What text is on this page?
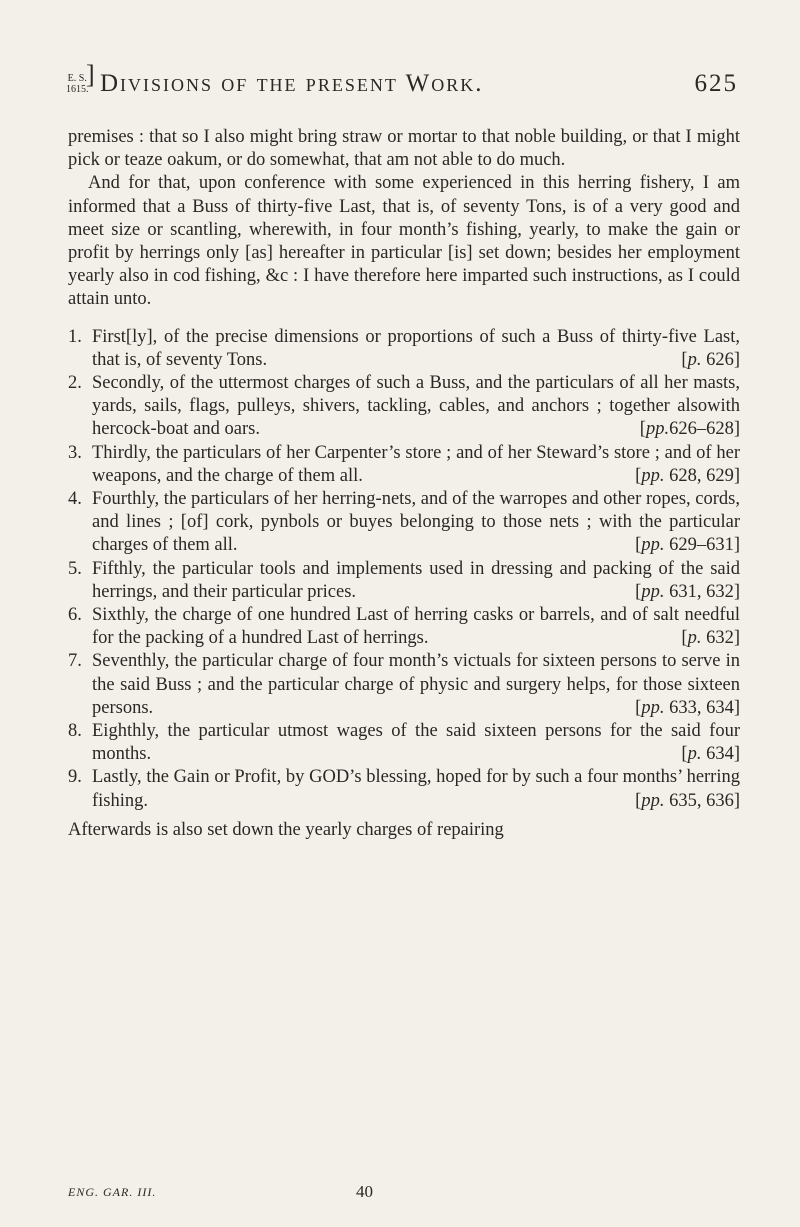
E. S.
1615.
] Divisions of the present Work.	625

premises : that so I also might bring straw or mortar to that noble building, or that I might pick or teaze oakum, or do somewhat, that am not able to do much.

And for that, upon conference with some experienced in this herring fishery, I am informed that a Buss of thirty-five Last, that is, of seventy Tons, is of a very good and meet size or scantling, wherewith, in four month’s fishing, yearly, to make the gain or profit by herrings only [as] hereafter in particular [is] set down; besides her employment yearly also in cod fishing, &c : I have therefore here imparted such instructions, as I could attain unto.

1. First[ly], of the precise dimensions or proportions of such a Buss of thirty-five Last, that is, of seventy Tons.	[p. 626]
2. Secondly, of the uttermost charges of such a Buss, and the particulars of all her masts, yards, sails, flags, pulleys, shivers, tackling, cables, and anchors ; together alsowith hercock-boat and oars.	[pp.626–628]
3. Thirdly, the particulars of her Carpenter’s store ; and of her Steward’s store ; and of her weapons, and the charge of them all.	[pp. 628, 629]
4. Fourthly, the particulars of her herring-nets, and of the warropes and other ropes, cords, and lines ; [of] cork, pynbols or buyes belonging to those nets ; with the particular charges of them all.	[pp. 629–631]
5. Fifthly, the particular tools and implements used in dressing and packing of the said herrings, and their particular prices.	[pp. 631, 632]
6. Sixthly, the charge of one hundred Last of herring casks or barrels, and of salt needful for the packing of a hundred Last of herrings.	[p. 632]
7. Seventhly, the particular charge of four month’s victuals for sixteen persons to serve in the said Buss ; and the particular charge of physic and surgery helps, for those sixteen persons.	[pp. 633, 634]
8. Eighthly, the particular utmost wages of the said sixteen persons for the said four months.	[p. 634]
9. Lastly, the Gain or Profit, by GOD’s blessing, hoped for by such a four months’ herring fishing.	[pp. 635, 636]

Afterwards is also set down the yearly charges of repairing

ENG. GAR. III.	40
